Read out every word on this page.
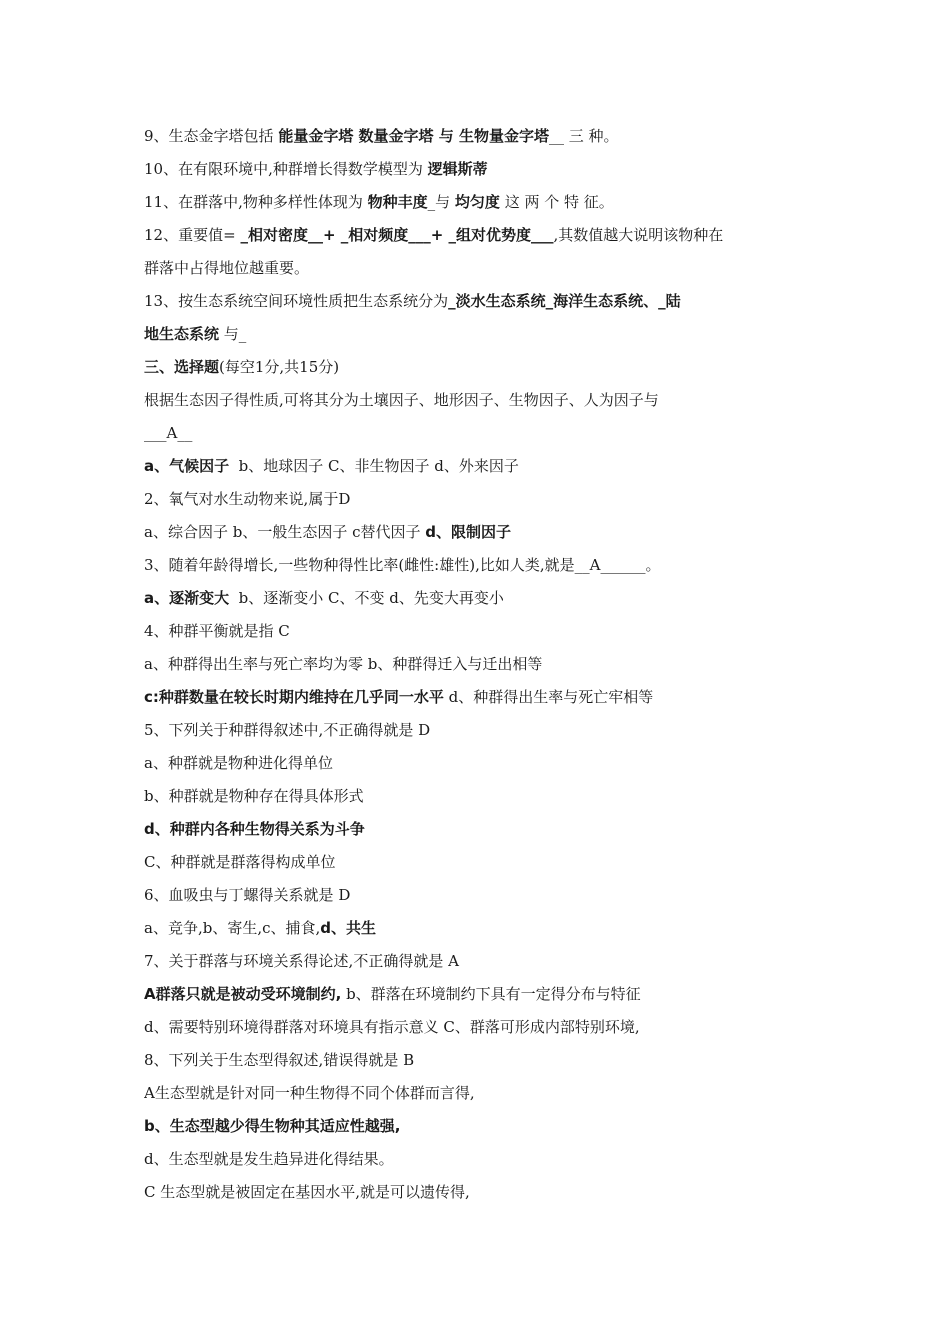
9、生态金字塔包括 能量金字塔 数量金字塔 与 生物量金字塔__ 三 种。
10、在有限环境中,种群增长得数学模型为 逻辑斯蒂
11、在群落中,物种多样性体现为 物种丰度_与 均匀度 这 两 个 特 征。
12、重要值= _相对密度__+ _相对频度___+ _组对优势度___,其数值越大说明该物种在
群落中占得地位越重要。
13、按生态系统空间环境性质把生态系统分为_淡水生态系统_海洋生态系统、_陆
地生态系统 与_
三、选择题(每空1分,共15分)
根据生态因子得性质,可将其分为土壤因子、地形因子、生物因子、人为因子与
___A__
a、气候因子  b、地球因子 C、非生物因子 d、外来因子
2、氧气对水生动物来说,属于D
a、综合因子 b、一般生态因子 c替代因子 d、限制因子
3、随着年龄得增长,一些物种得性比率(雌性:雄性),比如人类,就是__A______。
a、逐渐变大  b、逐渐变小 C、不变 d、先变大再变小
4、种群平衡就是指 C
a、种群得出生率与死亡率均为零 b、种群得迁入与迁出相等
c:种群数量在较长时期内维持在几乎同一水平 d、种群得出生率与死亡牢相等
5、下列关于种群得叙述中,不正确得就是 D
a、种群就是物种进化得单位
b、种群就是物种存在得具体形式
d、种群内各种生物得关系为斗争
C、种群就是群落得构成单位
6、血吸虫与丁螺得关系就是 D
a、竞争,b、寄生,c、捕食,d、共生
7、关于群落与环境关系得论述,不正确得就是 A
A群落只就是被动受环境制约, b、群落在环境制约下具有一定得分布与特征
d、需要特别环境得群落对环境具有指示意义 C、群落可形成内部特别环境,
8、下列关于生态型得叙述,错误得就是 B
A生态型就是针对同一种生物得不同个体群而言得,
b、生态型越少得生物种其适应性越强,
d、生态型就是发生趋异进化得结果。
C 生态型就是被固定在基因水平,就是可以遗传得,
